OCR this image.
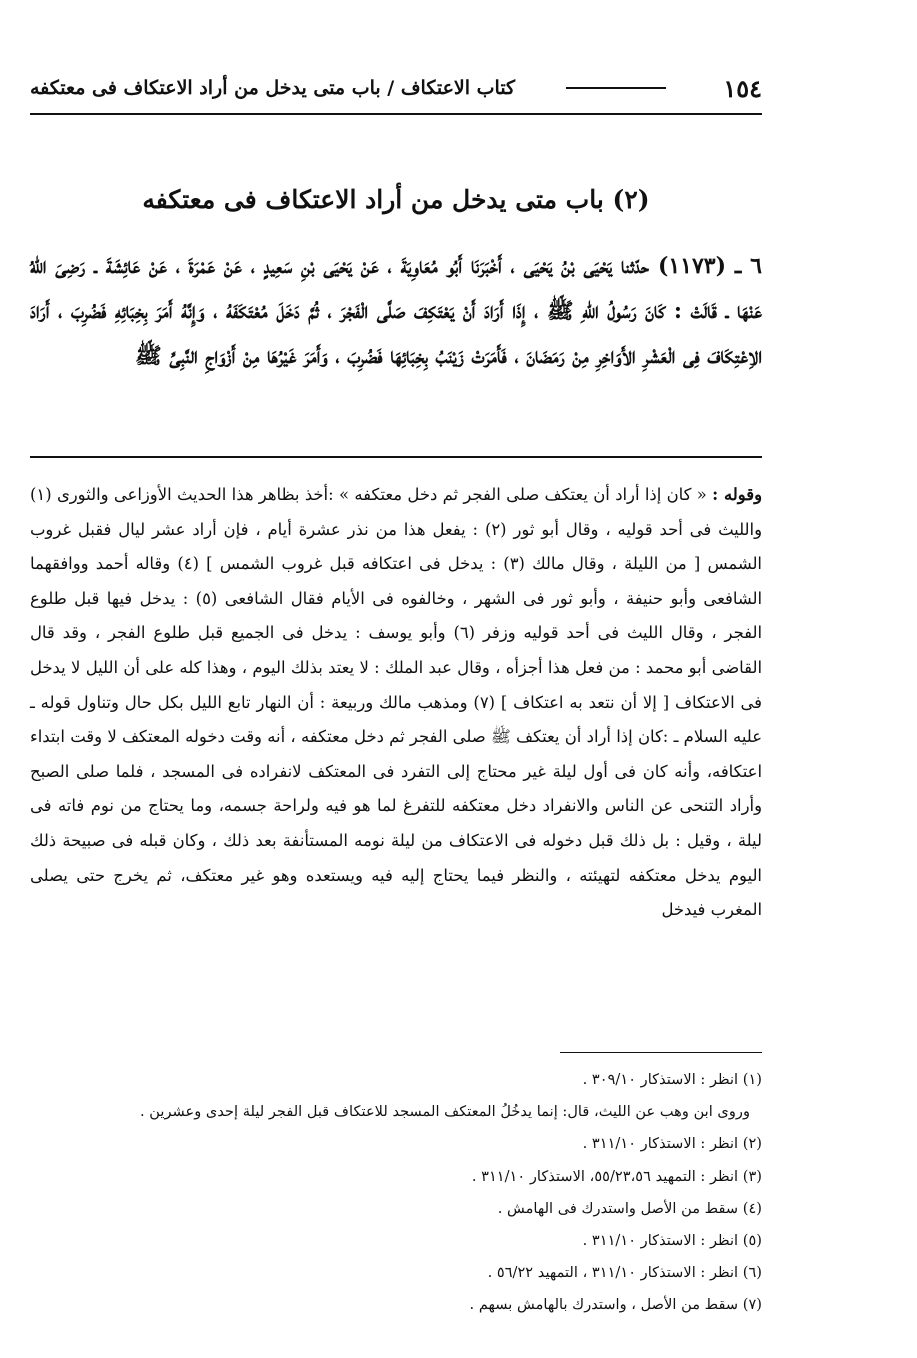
كتاب الاعتكاف / باب متى يدخل من أراد الاعتكاف فى معتكفه	١٥٤
(٢) باب متى يدخل من أراد الاعتكاف فى معتكفه

٦ ـ (١١٧٣) حدّثنا يَحْيَى بْنُ يَحْيَى ، أَخْبَرَنَا أَبُو مُعَاوِيَةَ ، عَنْ يَحْيَى بْنِ سَعِيدٍ ، عَنْ عَمْرَةَ ، عَنْ عَائِشَةَ ـ رَضِىَ اللهُ عَنْهَا ـ قَالَتْ : كَانَ رَسُولُ اللهِ ﷺ ، إِذَا أَرَادَ أَنْ يَعْتَكِفَ صَلَّى الْفَجْرَ ، ثُمَّ دَخَلَ مُعْتَكَفَهُ ، وَإِنَّهُ أَمَرَ بِخِبَائِهِ فَضُرِبَ ، أَرَادَ الاِعْتِكَافَ فِى الْعَشْرِ الأَوَاخِرِ مِنْ رَمَضَانَ ، فَأَمَرَتْ زَيْنَبُ بِخِبَائِهَا فَضُرِبَ ، وَأَمَرَ غَيْرُهَا مِنْ أَزْوَاجِ النَّبِىِّ ﷺ

وقوله : « كان إذا أراد أن يعتكف صلى الفجر ثم دخل معتكفه » :أخذ بظاهر هذا الحديث الأوزاعى والثورى (١) والليث فى أحد قوليه ، وقال أبو ثور (٢) : يفعل هذا من نذر عشرة أيام ، فإن أراد عشر ليال فقبل غروب الشمس [ من الليلة ، وقال مالك (٣) : يدخل فى اعتكافه قبل غروب الشمس ] (٤) وقاله أحمد ووافقهما الشافعى وأبو حنيفة ، وأبو ثور فى الشهر ، وخالفوه فى الأيام فقال الشافعى (٥) : يدخل فيها قبل طلوع الفجر ، وقال الليث فى أحد قوليه وزفر (٦) وأبو يوسف : يدخل فى الجميع قبل طلوع الفجر ، وقد قال القاضى أبو محمد : من فعل هذا أجزأه ، وقال عبد الملك : لا يعتد بذلك اليوم ، وهذا كله على أن الليل لا يدخل فى الاعتكاف [ إلا أن نتعد به اعتكاف ] (٧) ومذهب مالك وربيعة : أن النهار تابع الليل بكل حال وتناول قوله ـ عليه السلام ـ :كان إذا أراد أن يعتكف ﷺ صلى الفجر ثم دخل معتكفه ، أنه وقت دخوله المعتكف لا وقت ابتداء اعتكافه، وأنه كان فى أول ليلة غير محتاج إلى التفرد فى المعتكف لانفراده فى المسجد ، فلما صلى الصبح وأراد التنحى عن الناس والانفراد دخل معتكفه للتفرغ لما هو فيه ولراحة جسمه، وما يحتاج من نوم فاته فى ليلة ، وقيل : بل ذلك قبل دخوله فى الاعتكاف من ليلة نومه المستأنفة بعد ذلك ، وكان قبله فى صبيحة ذلك اليوم يدخل معتكفه لتهيئته ، والنظر فيما يحتاج إليه فيه ويستعده وهو غير معتكف، ثم يخرج حتى يصلى المغرب فيدخل

(١) انظر : الاستذكار ٣٠٩/١٠ .
وروى ابن وهب عن الليث، قال: إنما يدخُلُ المعتكف المسجد للاعتكاف قبل الفجر ليلة إحدى وعشرين .
(٢) انظر : الاستذكار ٣١١/١٠ .
(٣) انظر : التمهيد ٥٥/٢٣،٥٦، الاستذكار ٣١١/١٠ .
(٤) سقط من الأصل واستدرك فى الهامش .
(٥) انظر : الاستذكار ٣١١/١٠ .
(٦) انظر : الاستذكار ٣١١/١٠ ، التمهيد ٥٦/٢٢ .
(٧) سقط من الأصل ، واستدرك بالهامش بسهم .
